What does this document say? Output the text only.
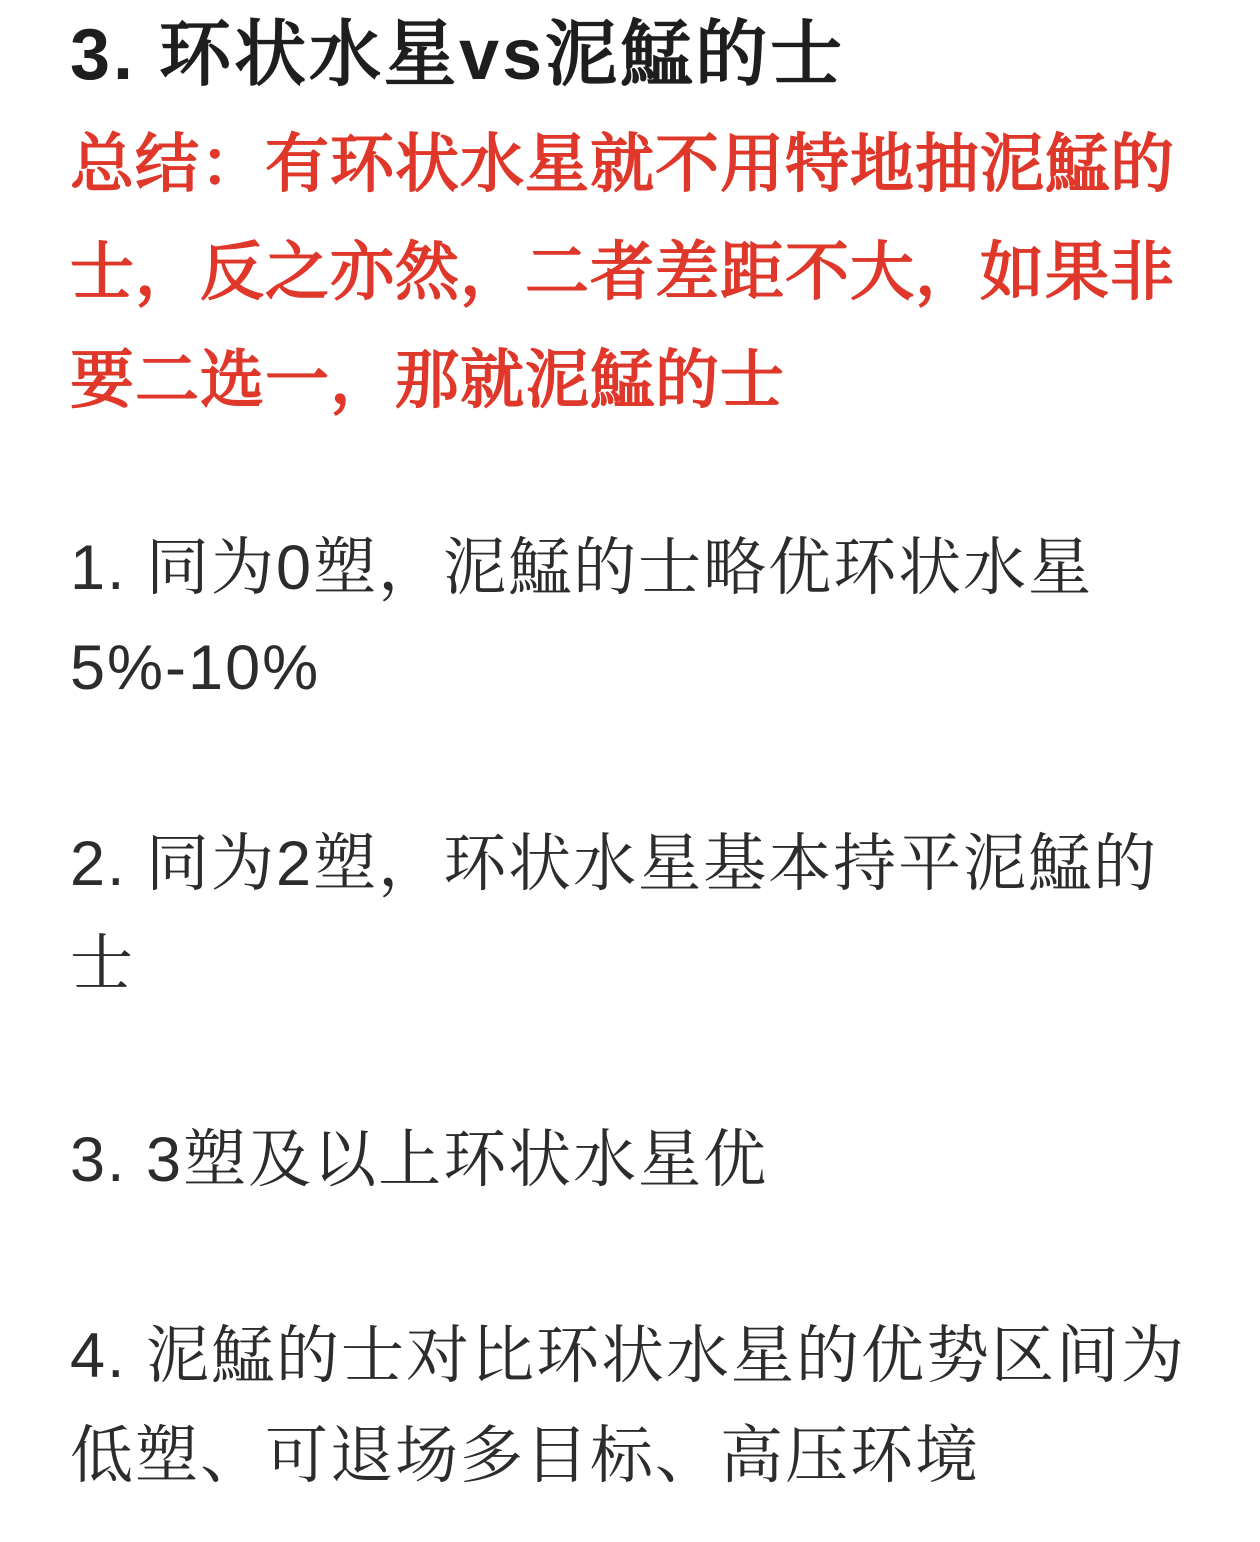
3. 环状水星vs泥鯭的士
总结：有环状水星就不用特地抽泥鯭的
士，反之亦然，二者差距不大，如果非
要二选一，那就泥鯭的士
1. 同为0塑，泥鯭的士略优环状水星
5%-10%
2. 同为2塑，环状水星基本持平泥鯭的
士
3. 3塑及以上环状水星优
4. 泥鯭的士对比环状水星的优势区间为
低塑、可退场多目标、高压环境
